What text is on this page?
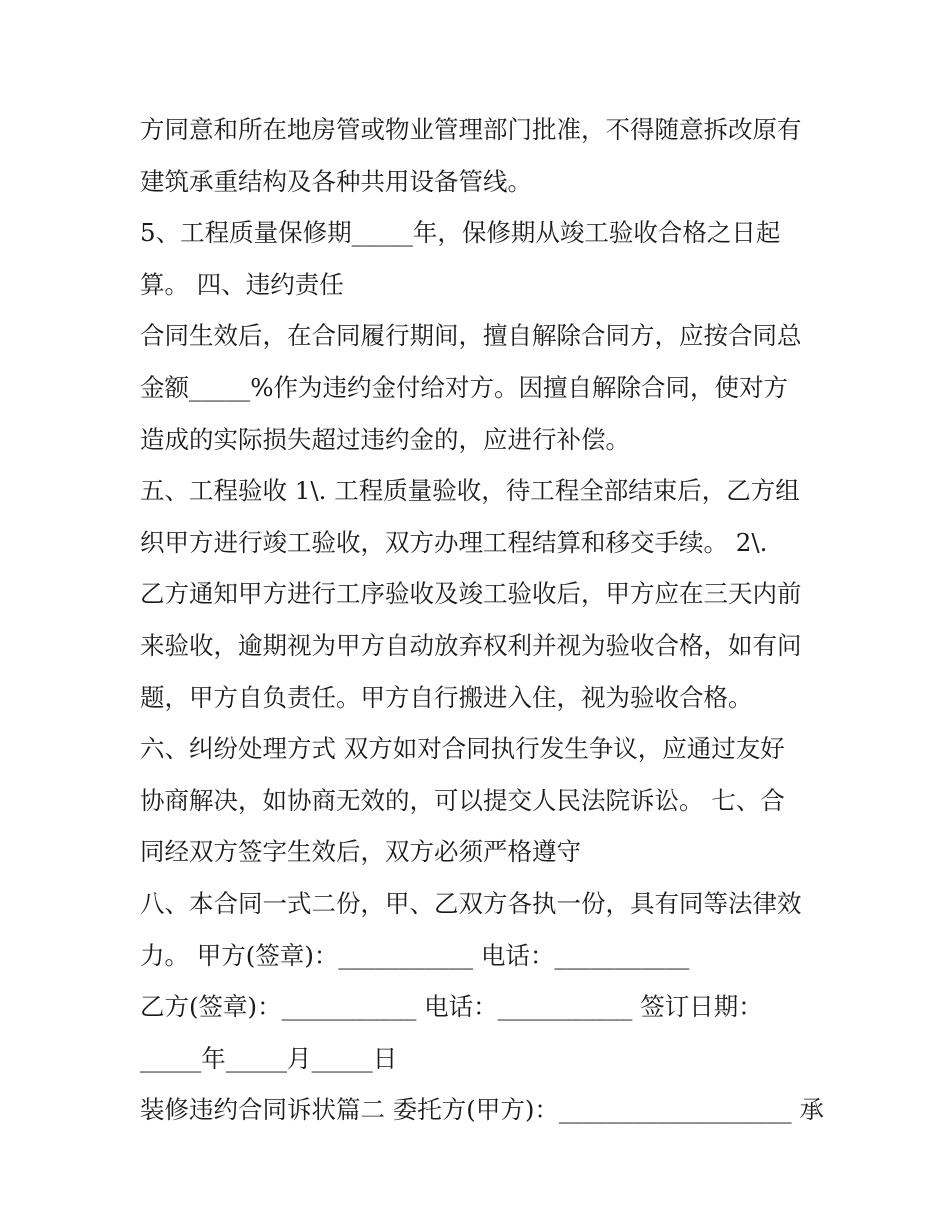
方同意和所在地房管或物业管理部门批准，不得随意拆改原有
建筑承重结构及各种共用设备管线。
5、工程质量保修期_____年，保修期从竣工验收合格之日起
算。 四、违约责任
合同生效后，在合同履行期间，擅自解除合同方，应按合同总
金额_____%作为违约金付给对方。因擅自解除合同，使对方
造成的实际损失超过违约金的，应进行补偿。
五、工程验收 1\. 工程质量验收，待工程全部结束后，乙方组
织甲方进行竣工验收，双方办理工程结算和移交手续。 2\.
乙方通知甲方进行工序验收及竣工验收后，甲方应在三天内前
来验收，逾期视为甲方自动放弃权利并视为验收合格，如有问
题，甲方自负责任。甲方自行搬进入住，视为验收合格。
六、纠纷处理方式 双方如对合同执行发生争议，应通过友好
协商解决，如协商无效的，可以提交人民法院诉讼。 七、合
同经双方签字生效后，双方必须严格遵守
八、本合同一式二份，甲、乙双方各执一份，具有同等法律效
力。 甲方(签章)：___________ 电话：___________
乙方(签章)：___________ 电话：___________ 签订日期：
_____年_____月_____日
装修违约合同诉状篇二 委托方(甲方)：___________________ 承
